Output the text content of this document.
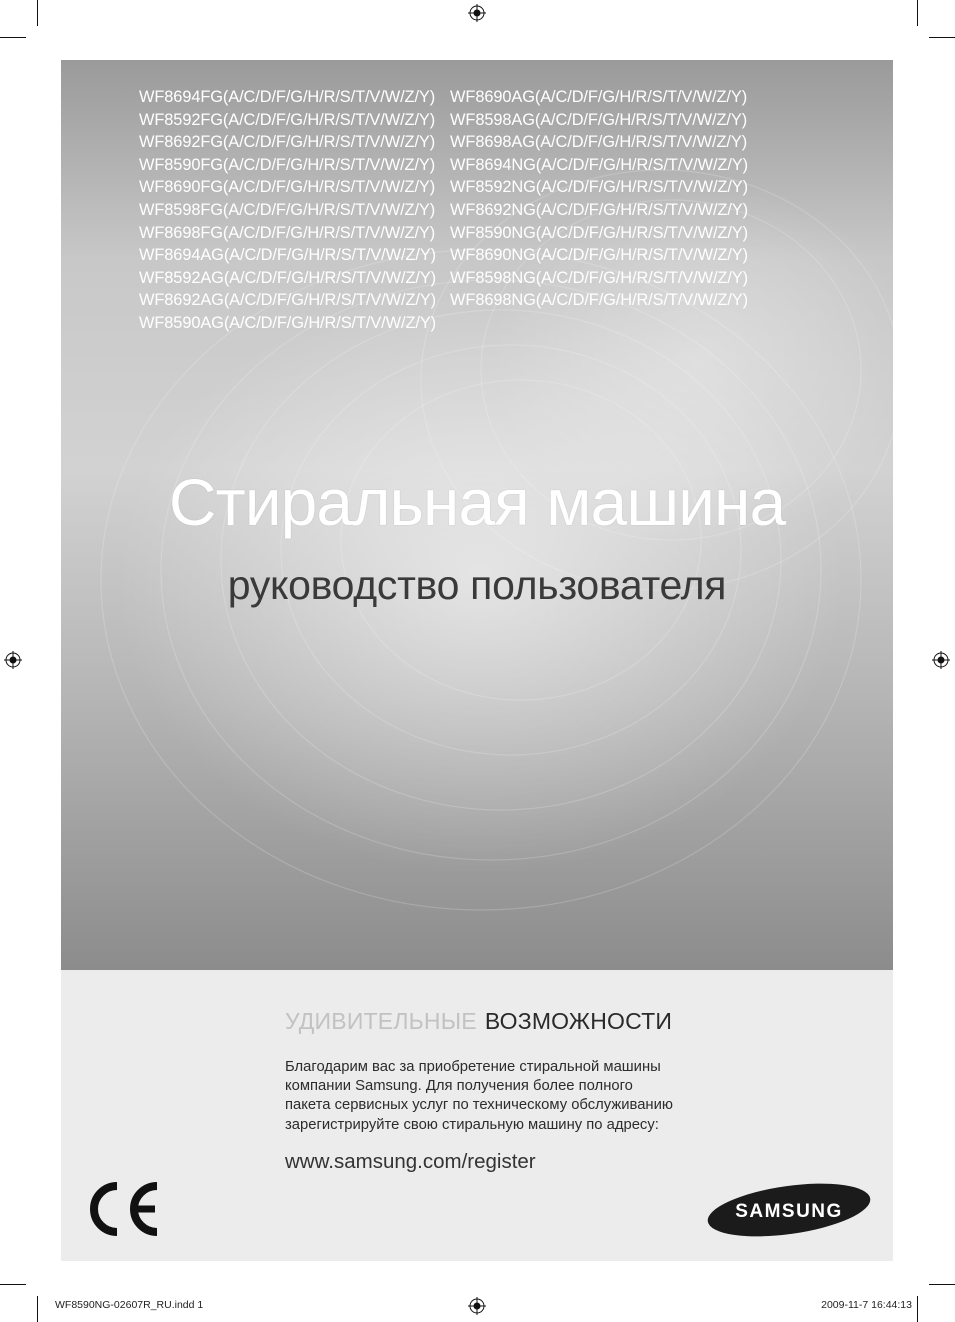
WF8694FG(A/C/D/F/G/H/R/S/T/V/W/Z/Y)
WF8592FG(A/C/D/F/G/H/R/S/T/V/W/Z/Y)
WF8692FG(A/C/D/F/G/H/R/S/T/V/W/Z/Y)
WF8590FG(A/C/D/F/G/H/R/S/T/V/W/Z/Y)
WF8690FG(A/C/D/F/G/H/R/S/T/V/W/Z/Y)
WF8598FG(A/C/D/F/G/H/R/S/T/V/W/Z/Y)
WF8698FG(A/C/D/F/G/H/R/S/T/V/W/Z/Y)
WF8694AG(A/C/D/F/G/H/R/S/T/V/W/Z/Y)
WF8592AG(A/C/D/F/G/H/R/S/T/V/W/Z/Y)
WF8692AG(A/C/D/F/G/H/R/S/T/V/W/Z/Y)
WF8590AG(A/C/D/F/G/H/R/S/T/V/W/Z/Y)
WF8690AG(A/C/D/F/G/H/R/S/T/V/W/Z/Y)
WF8598AG(A/C/D/F/G/H/R/S/T/V/W/Z/Y)
WF8698AG(A/C/D/F/G/H/R/S/T/V/W/Z/Y)
WF8694NG(A/C/D/F/G/H/R/S/T/V/W/Z/Y)
WF8592NG(A/C/D/F/G/H/R/S/T/V/W/Z/Y)
WF8692NG(A/C/D/F/G/H/R/S/T/V/W/Z/Y)
WF8590NG(A/C/D/F/G/H/R/S/T/V/W/Z/Y)
WF8690NG(A/C/D/F/G/H/R/S/T/V/W/Z/Y)
WF8598NG(A/C/D/F/G/H/R/S/T/V/W/Z/Y)
WF8698NG(A/C/D/F/G/H/R/S/T/V/W/Z/Y)
Стиральная машина
руководство пользователя
УДИВИТЕЛЬНЫЕ ВОЗМОЖНОСТИ
Благодарим вас за приобретение стиральной машины
компании Samsung. Для получения более полного
пакета сервисных услуг по техническому обслуживанию
зарегистрируйте свою стиральную машину по адресу:
www.samsung.com/register
SAMSUNG
WF8590NG-02607R_RU.indd 1	2009-11-7 16:44:13
